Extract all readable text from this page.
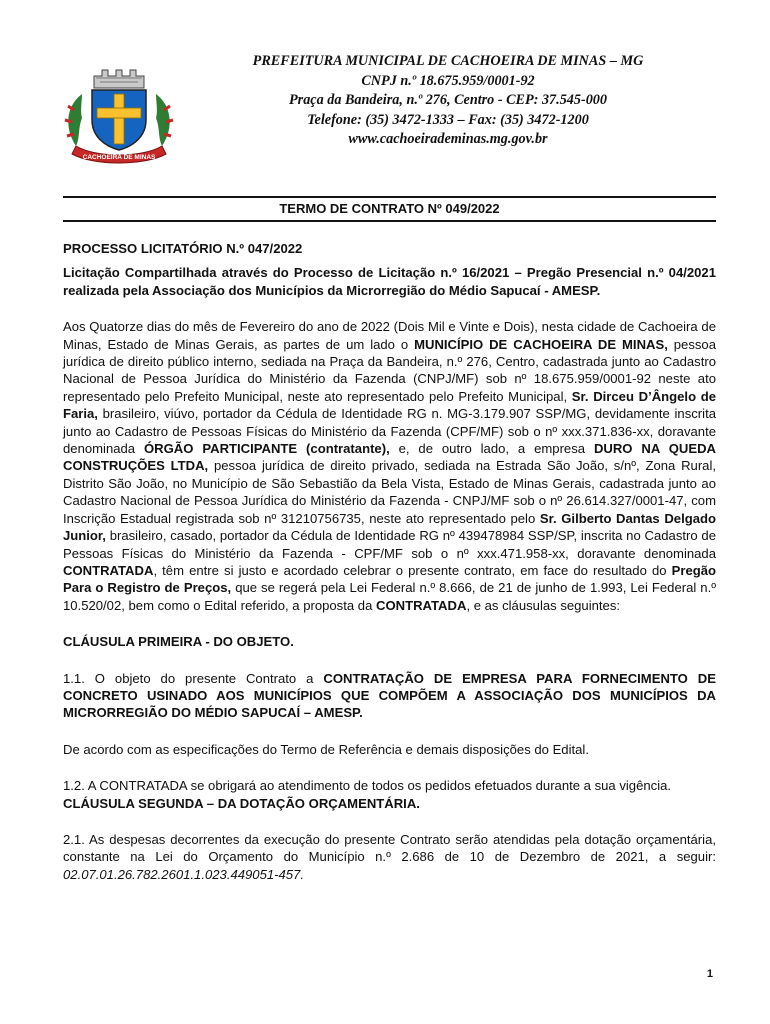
CACHOEIRA DE MINAS
PREFEITURA MUNICIPAL DE CACHOEIRA DE MINAS – MG
CNPJ n.º 18.675.959/0001-92
Praça da Bandeira, n.º 276, Centro - CEP: 37.545-000
Telefone: (35) 3472-1333 – Fax: (35) 3472-1200
www.cachoeirademinas.mg.gov.br
TERMO DE CONTRATO Nº 049/2022

PROCESSO LICITATÓRIO N.º 047/2022

Licitação Compartilhada através do Processo de Licitação n.º 16/2021 – Pregão Presencial n.º 04/2021 realizada pela Associação dos Municípios da Microrregião do Médio Sapucaí - AMESP.

Aos Quatorze dias do mês de Fevereiro do ano de 2022 (Dois Mil e Vinte e Dois), nesta cidade de Cachoeira de Minas, Estado de Minas Gerais, as partes de um lado o MUNICÍPIO DE CACHOEIRA DE MINAS, pessoa jurídica de direito público interno, sediada na Praça da Bandeira, n.º 276, Centro, cadastrada junto ao Cadastro Nacional de Pessoa Jurídica do Ministério da Fazenda (CNPJ/MF) sob nº 18.675.959/0001-92 neste ato representado pelo Prefeito Municipal, neste ato representado pelo Prefeito Municipal, Sr. Dirceu D’Ângelo de Faria, brasileiro, viúvo, portador da Cédula de Identidade RG n. MG-3.179.907 SSP/MG, devidamente inscrita junto ao Cadastro de Pessoas Físicas do Ministério da Fazenda (CPF/MF) sob o nº xxx.371.836-xx, doravante denominada ÓRGÃO PARTICIPANTE (contratante), e, de outro lado, a empresa DURO NA QUEDA CONSTRUÇÕES LTDA, pessoa jurídica de direito privado, sediada na Estrada São João, s/nº, Zona Rural, Distrito São João, no Município de São Sebastião da Bela Vista, Estado de Minas Gerais, cadastrada junto ao Cadastro Nacional de Pessoa Jurídica do Ministério da Fazenda - CNPJ/MF sob o nº 26.614.327/0001-47, com Inscrição Estadual registrada sob nº 31210756735, neste ato representado pelo Sr. Gilberto Dantas Delgado Junior, brasileiro, casado, portador da Cédula de Identidade RG nº 439478984 SSP/SP, inscrita no Cadastro de Pessoas Físicas do Ministério da Fazenda - CPF/MF sob o nº xxx.471.958-xx, doravante denominada CONTRATADA, têm entre si justo e acordado celebrar o presente contrato, em face do resultado do Pregão Para o Registro de Preços, que se regerá pela Lei Federal n.º 8.666, de 21 de junho de 1.993, Lei Federal n.º 10.520/02, bem como o Edital referido, a proposta da CONTRATADA, e as cláusulas seguintes:

CLÁUSULA PRIMEIRA - DO OBJETO.

1.1. O objeto do presente Contrato a CONTRATAÇÃO DE EMPRESA PARA FORNECIMENTO DE CONCRETO USINADO AOS MUNICÍPIOS QUE COMPÕEM A ASSOCIAÇÃO DOS MUNICÍPIOS DA MICRORREGIÃO DO MÉDIO SAPUCAÍ – AMESP.

De acordo com as especificações do Termo de Referência e demais disposições do Edital.

1.2. A CONTRATADA se obrigará ao atendimento de todos os pedidos efetuados durante a sua vigência.

CLÁUSULA SEGUNDA – DA DOTAÇÃO ORÇAMENTÁRIA.

2.1. As despesas decorrentes da execução do presente Contrato serão atendidas pela dotação orçamentária, constante na Lei do Orçamento do Município n.º 2.686 de 10 de Dezembro de 2021, a seguir: 02.07.01.26.782.2601.1.023.449051-457.

1
